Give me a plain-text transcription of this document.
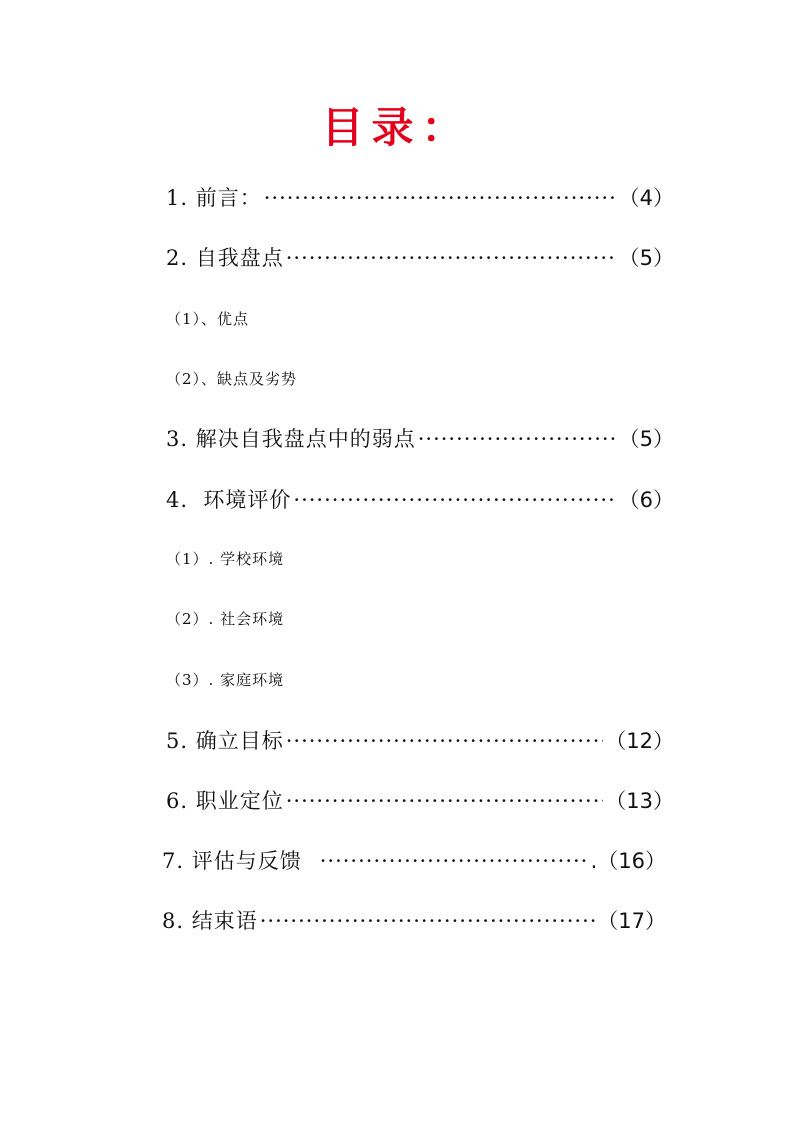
目录：
1. 前言： ·····	（4）
2. 自我盘点 ·····	（5）
（1）、优点
（2）、缺点及劣势
3. 解决自我盘点中的弱点 ·····	（5）
4.  环境评价 ·····	（6）
（1）. 学校环境
（2）. 社会环境
（3）. 家庭环境
5. 确立目标 ·····	（12）
6. 职业定位 ·····	（13）
7. 评估与反馈 ·····	.（16）
8. 结束语 ·····	（17）
